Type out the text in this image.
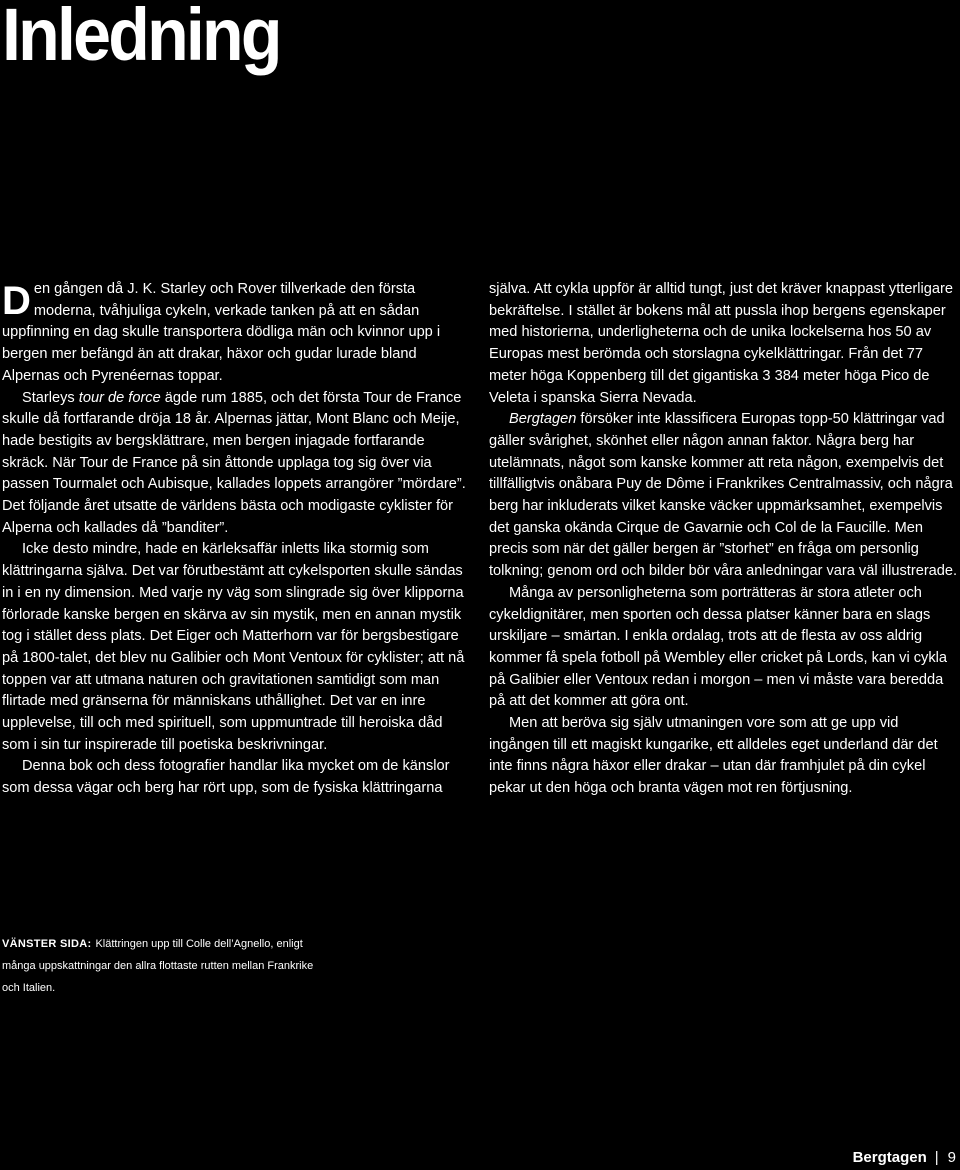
Inledning

Den gången då J. K. Starley och Rover tillverkade den första moderna, tvåhjuliga cykeln, verkade tanken på att en sådan uppfinning en dag skulle transportera dödliga män och kvinnor upp i bergen mer befängd än att drakar, häxor och gudar lurade bland Alpernas och Pyrenéernas toppar.

Starleys tour de force ägde rum 1885, och det första Tour de France skulle då fortfarande dröja 18 år. Alpernas jättar, Mont Blanc och Meije, hade bestigits av bergsklättrare, men bergen injagade fortfarande skräck. När Tour de France på sin åttonde upplaga tog sig över via passen Tourmalet och Aubisque, kallades loppets arrangörer ”mördare”. Det följande året utsatte de världens bästa och modigaste cyklister för Alperna och kallades då ”banditer”.

Icke desto mindre, hade en kärleksaffär inletts lika stormig som klättringarna själva. Det var förutbestämt att cykelsporten skulle sändas in i en ny dimension. Med varje ny väg som slingrade sig över klipporna förlorade kanske bergen en skärva av sin mystik, men en annan mystik tog i stället dess plats. Det Eiger och Matterhorn var för bergsbestigare på 1800-talet, det blev nu Galibier och Mont Ventoux för cyklister; att nå toppen var att utmana naturen och gravitationen samtidigt som man flirtade med gränserna för människans uthållighet. Det var en inre upplevelse, till och med spirituell, som uppmuntrade till heroiska dåd som i sin tur inspirerade till poetiska beskrivningar.

Denna bok och dess fotografier handlar lika mycket om de känslor som dessa vägar och berg har rört upp, som de fysiska klättringarna

själva. Att cykla uppför är alltid tungt, just det kräver knappast ytterligare bekräftelse. I stället är bokens mål att pussla ihop bergens egenskaper med historierna, underligheterna och de unika lockelserna hos 50 av Europas mest berömda och storslagna cykelklättringar. Från det 77 meter höga Koppenberg till det gigantiska 3 384 meter höga Pico de Veleta i spanska Sierra Nevada.

Bergtagen försöker inte klassificera Europas topp-50 klättringar vad gäller svårighet, skönhet eller någon annan faktor. Några berg har utelämnats, något som kanske kommer att reta någon, exempelvis det tillfälligtvis onåbara Puy de Dôme i Frankrikes Centralmassiv, och några berg har inkluderats vilket kanske väcker uppmärksamhet, exempelvis det ganska okända Cirque de Gavarnie och Col de la Faucille. Men precis som när det gäller bergen är ”storhet” en fråga om personlig tolkning; genom ord och bilder bör våra anledningar vara väl illustrerade.

Många av personligheterna som porträtteras är stora atleter och cykeldignitärer, men sporten och dessa platser känner bara en slags urskiljare – smärtan. I enkla ordalag, trots att de flesta av oss aldrig kommer få spela fotboll på Wembley eller cricket på Lords, kan vi cykla på Galibier eller Ventoux redan i morgon – men vi måste vara beredda på att det kommer att göra ont.

Men att beröva sig själv utmaningen vore som att ge upp vid ingången till ett magiskt kungarike, ett alldeles eget underland där det inte finns några häxor eller drakar – utan där framhjulet på din cykel pekar ut den höga och branta vägen mot ren förtjusning.

VÄNSTER SIDA: Klättringen upp till Colle dell’Agnello, enligt många uppskattningar den allra flottaste rutten mellan Frankrike och Italien.
Bergtagen | 9
